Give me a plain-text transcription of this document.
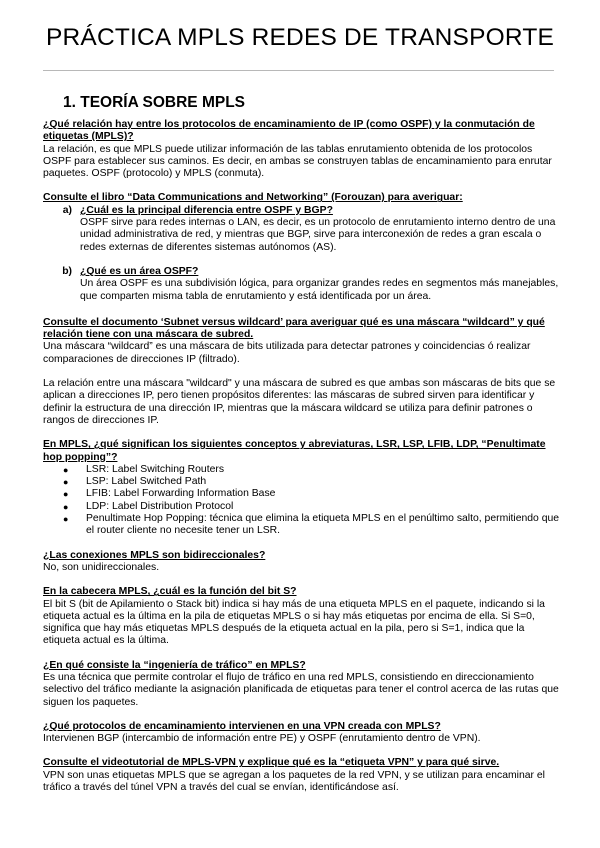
PRÁCTICA MPLS REDES DE TRANSPORTE
1. TEORÍA SOBRE MPLS

¿Qué relación hay entre los protocolos de encaminamiento de IP (como OSPF) y la conmutación de etiquetas (MPLS)?

La relación, es que MPLS puede utilizar información de las tablas enrutamiento obtenida de los protocolos OSPF para establecer sus caminos. Es decir, en ambas se construyen tablas de encaminamiento para enrutar paquetes. OSPF (protocolo) y MPLS (conmuta).

Consulte el libro “Data Communications and Networking” (Forouzan) para averiguar:

a) ¿Cuál es la principal diferencia entre OSPF y BGP?
OSPF sirve para redes internas o LAN, es decir, es un protocolo de enrutamiento interno dentro de una unidad administrativa de red, y mientras que BGP, sirve para interconexión de redes a gran escala o redes externas de diferentes sistemas autónomos (AS).
b) ¿Qué es un área OSPF?
Un área OSPF es una subdivisión lógica, para organizar grandes redes en segmentos más manejables, que comparten misma tabla de enrutamiento y está identificada por un área.

Consulte el documento ‘Subnet versus wildcard’ para averiguar qué es una máscara “wildcard” y qué relación tiene con una máscara de subred.

Una máscara “wildcard” es una máscara de bits utilizada para detectar patrones y coincidencias ó realizar comparaciones de direcciones IP (filtrado).

La relación entre una máscara "wildcard" y una máscara de subred es que ambas son máscaras de bits que se aplican a direcciones IP, pero tienen propósitos diferentes: las máscaras de subred sirven para identificar y definir la estructura de una dirección IP, mientras que la máscara wildcard se utiliza para definir patrones o rangos de direcciones IP.

En MPLS, ¿qué significan los siguientes conceptos y abreviaturas, LSR, LSP, LFIB, LDP, “Penultimate hop popping”?

●	LSR: Label Switching Routers
●	LSP: Label Switched Path
●	LFIB: Label Forwarding Information Base
●	LDP: Label Distribution Protocol
●	Penultimate Hop Popping: técnica que elimina la etiqueta MPLS en el penúltimo salto, permitiendo que el router cliente no necesite tener un LSR.

¿Las conexiones MPLS son bidireccionales?

No, son unidireccionales.

En la cabecera MPLS, ¿cuál es la función del bit S?

El bit S (bit de Apilamiento o Stack bit) indica si hay más de una etiqueta MPLS en el paquete, indicando si la etiqueta actual es la última en la pila de etiquetas MPLS o si hay más etiquetas por encima de ella. Si S=0, significa que hay más etiquetas MPLS después de la etiqueta actual en la pila, pero si S=1, indica que la etiqueta actual es la última.

¿En qué consiste la “ingeniería de tráfico” en MPLS?

Es una técnica que permite controlar el flujo de tráfico en una red MPLS, consistiendo en direccionamiento selectivo del tráfico mediante la asignación planificada de etiquetas para tener el control acerca de las rutas que siguen los paquetes.

¿Qué protocolos de encaminamiento intervienen en una VPN creada con MPLS?

Intervienen BGP (intercambio de información entre PE) y OSPF (enrutamiento dentro de VPN).

Consulte el videotutorial de MPLS-VPN y explique qué es la “etiqueta VPN” y para qué sirve.

VPN son unas etiquetas MPLS que se agregan a los paquetes de la red VPN, y se utilizan para encaminar el tráfico a través del túnel VPN a través del cual se envían, identificándose así.
